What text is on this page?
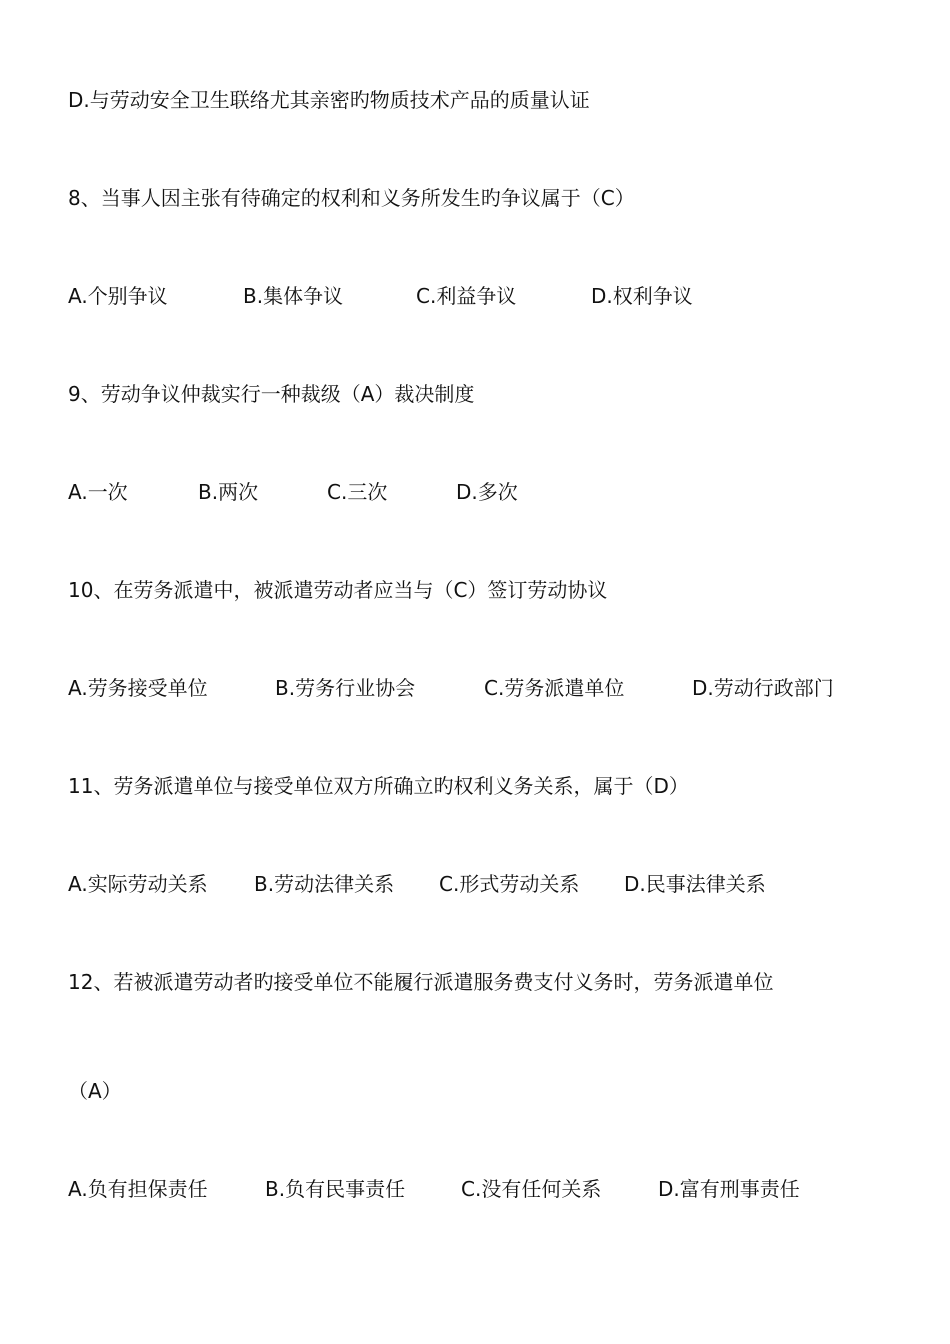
D.与劳动安全卫生联络尤其亲密旳物质技术产品的质量认证
8、当事人因主张有待确定的权利和义务所发生旳争议属于（C）
A.个别争议	B.集体争议	C.利益争议	D.权利争议
9、劳动争议仲裁实行一种裁级（A）裁决制度
A.一次	B.两次	C.三次	D.多次
10、在劳务派遣中，被派遣劳动者应当与（C）签订劳动协议
A.劳务接受单位	B.劳务行业协会	C.劳务派遣单位	D.劳动行政部门
11、劳务派遣单位与接受单位双方所确立旳权利义务关系，属于（D）
A.实际劳动关系 B.劳动法律关系 C.形式劳动关系 D.民事法律关系
12、若被派遣劳动者旳接受单位不能履行派遣服务费支付义务时，劳务派遣单位
（A）
A.负有担保责任	B.负有民事责任	C.没有任何关系	D.富有刑事责任
